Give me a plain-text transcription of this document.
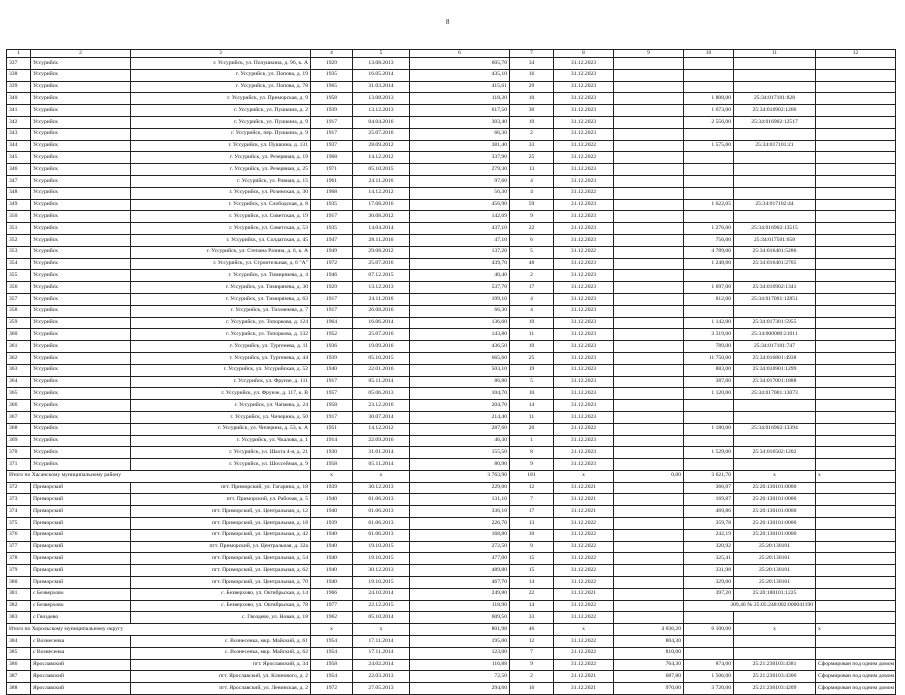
8
1	2	3	4	5	6	7	8	9	10	11	12
337	Уссурийск	г. Уссурийск, ул. Полушкина, д. 96, к. А	1929	13.08.2013	605,70	34	31.12.2023				
338	Уссурийск	г. Уссурийск, ул. Попова, д. 19	1935	16.05.2014	435,10	16	31.12.2023				
339	Уссурийск	г. Уссурийск, ул. Попова, д. 78	1965	31.03.2014	415,61	29	31.12.2023				
340	Уссурийск	г. Уссурийск, ул. Приморская, д. 9	1958	13.08.2013	118,20	10	31.12.2023		1 808,00	25:34:017101:828	
341	Уссурийск	г. Уссурийск, ул. Пушкина, д. 2	1939	13.12.2013	617,50	30	31.12.2023		1 673,00	25:34:016902:1266	
342	Уссурийск	г. Уссурийск, ул. Пушкина, д. 9	1917	04.04.2016	303,40	19	31.12.2023		2 556,00	25:34:016902:12517	
343	Уссурийск	г. Уссурийск, пер. Пушкина, д. 9	1917	25.07.2016	66,30	2	31.12.2023				
344	Уссурийск	г. Уссурийск, ул. Пушкина, д. 131	1937	28.09.2012	381,40	33	31.12.2022		1 575,00	25:34:017101:21	
345	Уссурийск	г. Уссурийск, ул. Резервная, д. 19	1968	14.12.2012	337,90	25	31.12.2022				
346	Уссурийск	г. Уссурийск, ул. Резервная, д. 25	1971	05.10.2015	279,30	13	31.12.2023				
347	Уссурийск	г. Уссурийск, ул. Ровная, д. 15	1961	24.11.2016	97,60	4	31.12.2023				
348	Уссурийск	г. Уссурийск, ул. Розинская, д. 30	1968	14.12.2012	56,30	4	31.12.2022				
349	Уссурийск	г. Уссурийск, ул. Слободская, д. 8	1935	17.08.2016	456,90	59	31.12.2023		1 622,05	25:34:017102:44	
350	Уссурийск	г. Уссурийск, ул. Советская, д. 19	1917	30.08.2012	142,69	9	31.12.2023				
351	Уссурийск	г. Уссурийск, ул. Советская, д. 53	1935	14.04.2014	437,10	22	31.12.2023		1 276,00	25:34:016902:13515	
352	Уссурийск	г. Уссурийск, ул. Солдатская, д. 45	1947	28.11.2016	47,10	6	31.12.2023		756,00	25:34:017501:658	
353	Уссурийск	г. Уссурийск, ул. Степана Разина, д. 6, к. А	1949	29.08.2012	137,20	5	31.12.2022		4 789,00	25:34:016401:5286	
354	Уссурийск	г. Уссурийск, ул. Строительная, д. 6 "А"	1972	25.07.2016	439,70	48	31.12.2023		1 248,00	25:34:016401:2705	
355	Уссурийск	г. Уссурийск, ул. Тимирязева, д. 4	1946	07.12.2015	40,40	2	31.12.2023				
356	Уссурийск	г. Уссурийск, ул. Тимирязева, д. 30	1929	13.12.2013	537,70	17	31.12.2023		1 697,00	25:34:016902:1341	
357	Уссурийск	г. Уссурийск, ул. Тимирязева, д. 63	1917	24.11.2016	199,10	4	31.12.2023		812,00	25:34:017001:12851	
358	Уссурийск	г. Уссурийск, ул. Тихменева, д. 7	1917	26.08.2016	66,30	4	31.12.2023				
359	Уссурийск	г. Уссурийск, ул. Топоркова, д. 124	1964	16.06.2014	136,60	19	31.12.2023		1 142,00	25:34:017301:5955	
360	Уссурийск	г. Уссурийск, ул. Топоркова, д. 132	1952	25.07.2016	143,80	11	31.12.2023		3 319,00	25:34:000000:21011	
361	Уссурийск	г. Уссурийск, ул. Тургенева, д. 11	1936	19.09.2016	436,50	19	31.12.2023		789,00	25:34:017101:747	
362	Уссурийск	г. Уссурийск, ул. Тургенева, д. 44	1939	05.10.2015	665,60	25	31.12.2023		11 750,00	25:34:016801:4938	
363	Уссурийск	г. Уссурийск, ул. Уссурийская, д. 52	1940	22.01.2016	503,10	19	31.12.2023		883,00	25:34:016901:1299	
364	Уссурийск	г. Уссурийск, ул. Фрунзе, д. 111	1917	05.11.2014	86,80	5	31.12.2023		387,00	25:34:017001:1888	
365	Уссурийск	г. Уссурийск, ул. Фрунзе, д. 117, к. В	1957	05.06.2013	104,70	10	31.12.2023		1 120,00	25:34:017001:13073	
366	Уссурийск	г. Уссурийск, ул. Чапаева, д. 24	1958	23.12.2016	204,70	14	31.12.2023				
367	Уссурийск	г. Уссурийск, ул. Чичерина, д. 50	1917	30.07.2014	214,40	11	31.12.2023				
368	Уссурийск	г. Уссурийск, ул. Чичерина, д. 53, к. А	1951	14.12.2012	287,60	20	31.12.2022		1 180,00	25:34:016902:13394	
369	Уссурийск	г. Уссурийск, ул. Чкалова, д. 1	1914	22.09.2016	46,30	1	31.12.2023				
370	Уссурийск	г. Уссурийск, ул. Шахта 4-я, д. 21	1930	31.01.2014	155,50	8	31.12.2023		1 529,00	25:34:016502:1202	
371	Уссурийск	г. Уссурийск, ул. Шоссейная, д. 9	1958	05.11.2014	80,90	9	31.12.2023				
Итого по Хасанскому муниципальному району			x	x	3 763,90	181	x	0,00	3 621,70	x	x
372	Приморский	пгт. Приморский, ул. Гагарина, д. 18	1939	30.12.2013	229,00	12	31.12.2021		366,07	25:20:130101:0000	
373	Приморский	пгт. Приморский, ул. Рабочая, д. 5	1940	01.06.2013	131,10	7	31.12.2021		169,87	25:20:130101:0000	
374	Приморский	пгт. Приморский, ул. Центральная, д. 12	1940	01.06.2013	336,10	17	31.12.2021		469,86	25:20:130101:0000	
375	Приморский	пгт. Приморский, ул. Центральная, д. 18	1939	01.06.2013	226,70	13	31.12.2022		359,78	25:20:130101:0000	
376	Приморский	пгт. Приморский, ул. Центральная, д. 42	1940	01.06.2013	168,80	10	31.12.2022		242,19	25:20:130101:0000	
377	Приморский	пгт. Приморский, ул. Центральная, д. 32а	1940	19.10.2015	272,50	9	31.12.2022		320,92	25:20:130101	
378	Приморский	пгт. Приморский, ул. Центральная, д. 54	1940	19.10.2015	477,00	15	31.12.2022		325,41	25:20:130101	
379	Приморский	пгт. Приморский, ул. Центральная, д. 62	1940	30.12.2013	489,80	15	31.12.2022		331,98	25:20:130101	
380	Приморский	пгт. Приморский, ул. Центральная, д. 70	1940	19.10.2015	467,70	14	31.12.2022		329,00	25:20:130101	
381	с Безверхово	с. Безверхово, ул. Октябрьская, д. 14	1966	24.10.2014	249,80	22	31.12.2021		397,20	25:20:180101:1225	
382	с Безверхово	с. Безверхово, ул. Октябрьская, д. 78	1977	22.12.2015	118,90	14	31.12.2022		309,40 № 25:05:248:002:000041190		
383	с Гвоздево	с. Гвоздево, ул. Новая, д. 18	1962	05.10.2014	609,50	33	31.12.2022				
Итого по Хорольскому муниципальному округу			x	x	801,98	46	x	4 036,20	6 100,00	x	x
384	с Вознесенка	с. Вознесенка, мкр. Майский, д. 61	1954	17.11.2014	195,00	12	31.12.2022	804,30			
385	с Вознесенка	с. Вознесенка, мкр. Майский, д. 62	1954	17.11.2014	123,00	7	31.12.2022	810,00			
386	Ярославский	пгт. Ярославский, д. 34	1958	24.02.2014	116,88	9	31.12.2022	764,30	874,00	25:21:230103:4381	Сформирован под одним домом
387	Ярославский	пгт. Ярославский, ул. Клинового, д. 2	1954	22.03.2013	72,50	2	31.12.2021	687,80	1 506,00	25:21:230103:4306	Сформирован под одним домом
388	Ярославский	пгт. Ярославский, ул. Ленинская, д. 2	1972	27.05.2013	294,60	16	31.12.2021	970,00	3 720,00	25:21:230103:4209	Сформирован под одним домом
